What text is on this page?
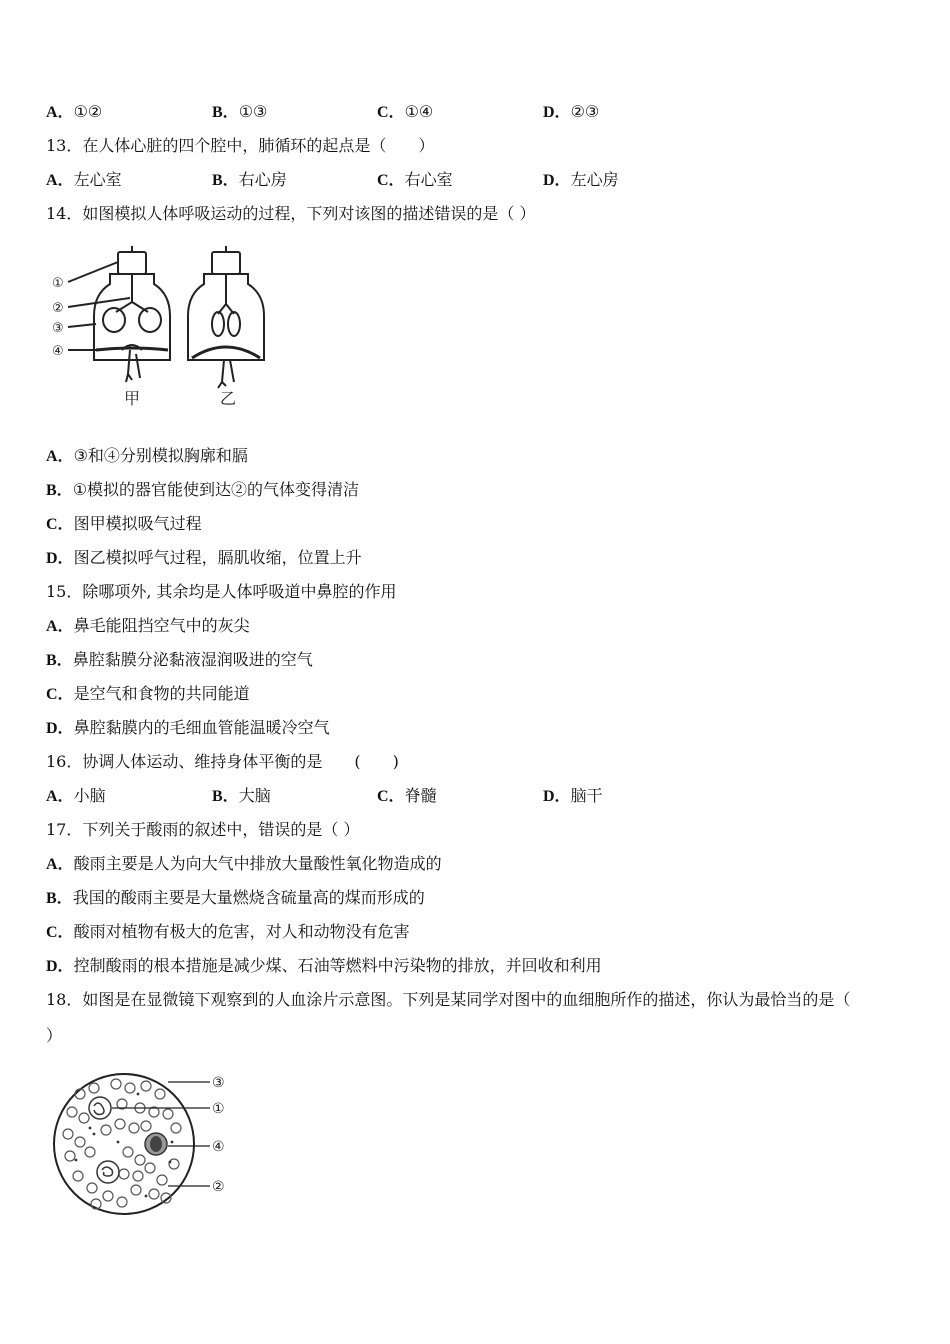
A．①②	B．①③	C．①④	D．②③
13．在人体心脏的四个腔中，肺循环的起点是（　　）
A．左心室	B．右心房	C．右心室	D．左心房
14．如图模拟人体呼吸运动的过程，下列对该图的描述错误的是（ ）
①
②
③
④
甲	乙
A．③和④分别模拟胸廓和膈
B．①模拟的器官能使到达②的气体变得清洁
C．图甲模拟吸气过程
D．图乙模拟呼气过程，膈肌收缩，位置上升
15．除哪项外, 其余均是人体呼吸道中鼻腔的作用
A．鼻毛能阻挡空气中的灰尖
B．鼻腔黏膜分泌黏液湿润吸进的空气
C．是空气和食物的共同能道
D．鼻腔黏膜内的毛细血管能温暖冷空气
16．协调人体运动、维持身体平衡的是　　(　　)
A．小脑	B．大脑	C．脊髓	D．脑干
17．下列关于酸雨的叙述中，错误的是（ ）
A．酸雨主要是人为向大气中排放大量酸性氧化物造成的
B．我国的酸雨主要是大量燃烧含硫量高的煤而形成的
C．酸雨对植物有极大的危害，对人和动物没有危害
D．控制酸雨的根本措施是减少煤、石油等燃料中污染物的排放，并回收和利用
18．如图是在显微镜下观察到的人血涂片示意图。下列是某同学对图中的血细胞所作的描述，你认为最恰当的是（
）
③
①
④
②
